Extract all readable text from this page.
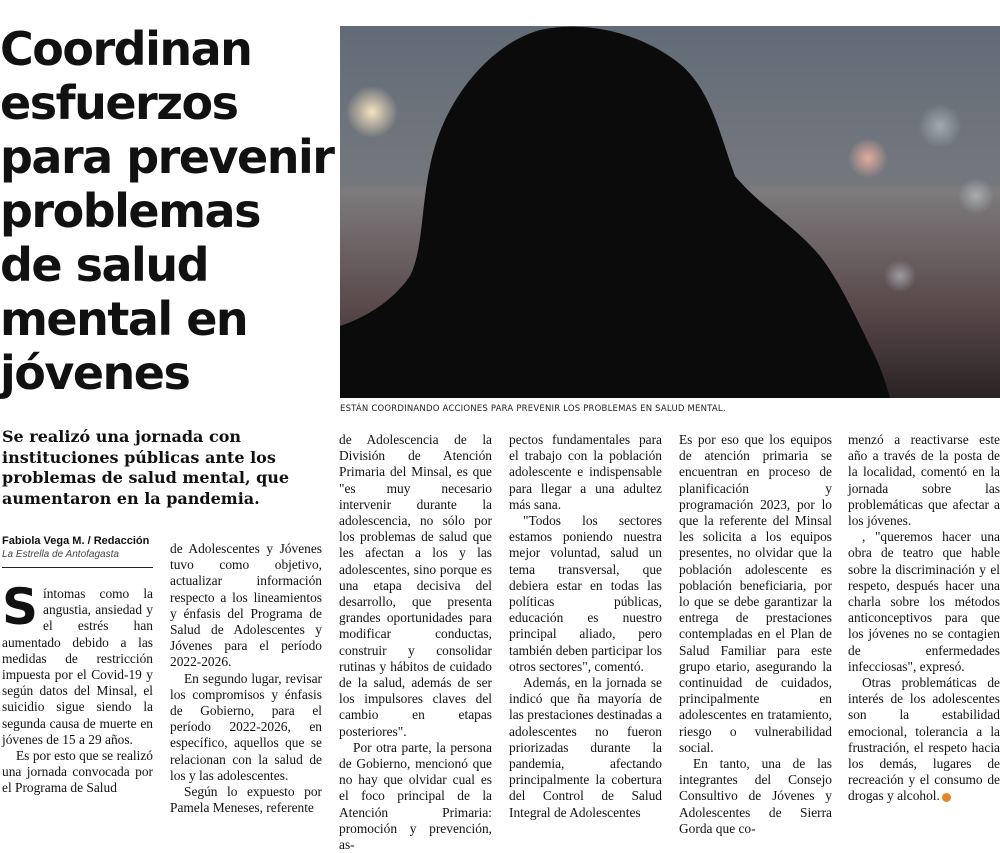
Coordinan
esfuerzos
para prevenir
problemas
de salud
mental en
jóvenes
ESTÁN COORDINANDO ACCIONES PARA PREVENIR LOS PROBLEMAS EN SALUD MENTAL.

Se realizó una jornada con instituciones públicas ante los problemas de salud mental, que aumentaron en la pandemia.

Fabiola Vega M. / Redacción
La Estrella de Antofagasta

Síntomas como la angustia, ansiedad y el estrés han aumentado debido a las medidas de restricción impuesta por el Covid-19 y según datos del Minsal, el suicidio sigue siendo la segunda causa de muerte en jóvenes de 15 a 29 años.

Es por esto que se realizó una jornada convocada por el Programa de Salud

de Adolescentes y Jóvenes tuvo como objetivo, actualizar información respecto a los lineamientos y énfasis del Programa de Salud de Adolescentes y Jóvenes para el período 2022-2026.

En segundo lugar, revisar los compromisos y énfasis de Gobierno, para el período 2022-2026, en específico, aquellos que se relacionan con la salud de los y las adolescentes.

Según lo expuesto por Pamela Meneses, referente

de Adolescencia de la División de Atención Primaria del Minsal, es que "es muy necesario intervenir durante la adolescencia, no sólo por los problemas de salud que les afectan a los y las adolescentes, sino porque es una etapa decisiva del desarrollo, que presenta grandes oportunidades para modificar conductas, construir y consolidar rutinas y hábitos de cuidado de la salud, además de ser los impulsores claves del cambio en etapas posteriores".

Por otra parte, la persona de Gobierno, mencionó que no hay que olvidar cual es el foco principal de la Atención Primaria: promoción y prevención, as-

pectos fundamentales para el trabajo con la población adolescente e indispensable para llegar a una adultez más sana.

"Todos los sectores estamos poniendo nuestra mejor voluntad, salud un tema transversal, que debiera estar en todas las políticas públicas, educación es nuestro principal aliado, pero también deben participar los otros sectores", comentó.

Además, en la jornada se indicó que ña mayoría de las prestaciones destinadas a adolescentes no fueron priorizadas durante la pandemia, afectando principalmente la cobertura del Control de Salud Integral de Adolescentes

Es por eso que los equipos de atención primaria se encuentran en proceso de planificación y programación 2023, por lo que la referente del Minsal les solicita a los equipos presentes, no olvidar que la población adolescente es población beneficiaria, por lo que se debe garantizar la entrega de prestaciones contempladas en el Plan de Salud Familiar para este grupo etario, asegurando la continuidad de cuidados, principalmente en adolescentes en tratamiento, riesgo o vulnerabilidad social.

En tanto, una de las integrantes del Consejo Consultivo de Jóvenes y Adolescentes de Sierra Gorda que co-

menzó a reactivarse este año a través de la posta de la localidad, comentó en la jornada sobre las problemáticas que afectar a los jóvenes.

, "queremos hacer una obra de teatro que hable sobre la discriminación y el respeto, después hacer una charla sobre los métodos anticonceptivos para que los jóvenes no se contagien de enfermedades infecciosas", expresó.

Otras problemáticas de interés de los adolescentes son la estabilidad emocional, tolerancia a la frustración, el respeto hacia los demás, lugares de recreación y el consumo de drogas y alcohol.
